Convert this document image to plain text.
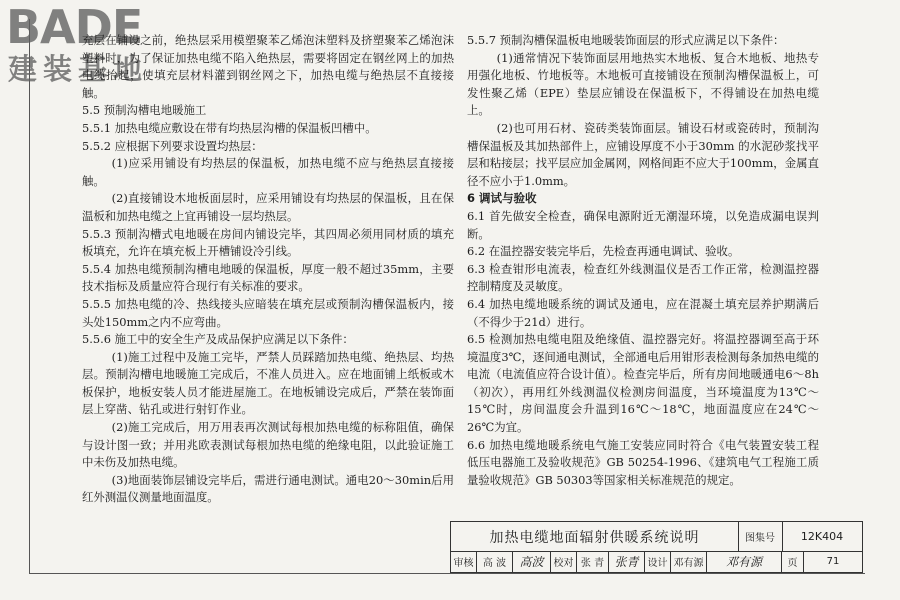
BADE
建装基地

充层在铺设之前，绝热层采用模塑聚苯乙烯泡沫塑料及挤塑聚苯乙烯泡沫塑料时，为了保证加热电缆不陷入绝热层，需要将固定在钢丝网上的加热电缆抬起，使填充层材料灌到钢丝网之下，加热电缆与绝热层不直接接触。

5.5 预制沟槽电地暖施工

5.5.1 加热电缆应敷设在带有均热层沟槽的保温板凹槽中。

5.5.2 应根据下列要求设置均热层：

(1)应采用铺设有均热层的保温板，加热电缆不应与绝热层直接接触。

(2)直接铺设木地板面层时，应采用铺设有均热层的保温板，且在保温板和加热电缆之上宜再铺设一层均热层。

5.5.3 预制沟槽式电地暖在房间内铺设完毕，其四周必须用同材质的填充板填充，允许在填充板上开槽铺设冷引线。

5.5.4 加热电缆预制沟槽电地暖的保温板，厚度一般不超过35mm，主要技术指标及质量应符合现行有关标准的要求。

5.5.5 加热电缆的冷、热线接头应暗装在填充层或预制沟槽保温板内，接头处150mm之内不应弯曲。

5.5.6 施工中的安全生产及成品保护应满足以下条件：

(1)施工过程中及施工完毕，严禁人员踩踏加热电缆、绝热层、均热层。预制沟槽电地暖施工完成后，不准人员进入。应在地面铺上纸板或木板保护，地板安装人员才能进屋施工。在地板铺设完成后，严禁在装饰面层上穿凿、钻孔或进行射钉作业。

(2)施工完成后，用万用表再次测试每根加热电缆的标称阻值，确保与设计图一致；并用兆欧表测试每根加热电缆的绝缘电阻，以此验证施工中未伤及加热电缆。

(3)地面装饰层铺设完毕后，需进行通电测试。通电20～30min后用红外测温仪测量地面温度。

5.5.7 预制沟槽保温板电地暖装饰面层的形式应满足以下条件：

(1)通常情况下装饰面层用地热实木地板、复合木地板、地热专用强化地板、竹地板等。木地板可直接铺设在预制沟槽保温板上，可发性聚乙烯（EPE）垫层应铺设在保温板下，不得铺设在加热电缆上。

(2)也可用石材、瓷砖类装饰面层。铺设石材或瓷砖时，预制沟槽保温板及其加热部件上，应铺设厚度不小于30mm 的水泥砂浆找平层和粘接层；找平层应加金属网，网格间距不应大于100mm，金属直径不应小于1.0mm。

6 调试与验收

6.1 首先做安全检查，确保电源附近无潮湿环境，以免造成漏电误判断。

6.2 在温控器安装完毕后，先检查再通电调试、验收。

6.3 检查钳形电流表，检查红外线测温仪是否工作正常，检测温控器控制精度及灵敏度。

6.4 加热电缆地暖系统的调试及通电，应在混凝土填充层养护期满后（不得少于21d）进行。

6.5 检测加热电缆电阻及绝缘值、温控器完好。将温控器调至高于环境温度3℃，逐间通电测试，全部通电后用钳形表检测每条加热电缆的电流（电流值应符合设计值）。检查完毕后，所有房间地暖通电6～8h（初次），再用红外线测温仪检测房间温度，当环境温度为13℃～15℃时，房间温度会升温到16℃～18℃，地面温度应在24℃～26℃为宜。

6.6 加热电缆地暖系统电气施工安装应同时符合《电气装置安装工程低压电器施工及验收规范》GB 50254-1996、《建筑电气工程施工质量验收规范》GB 50303等国家相关标准规范的规定。

加热电缆地面辐射供暖系统说明	图集号	12K404
审核 高 波	高波 校对 张 青 张青 设计 邓有源 邓有源	页	71
